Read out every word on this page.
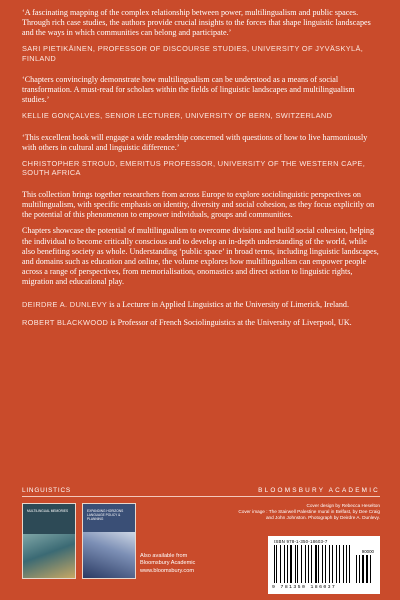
‘A fascinating mapping of the complex relationship between power, multilingualism and public spaces. Through rich case studies, the authors provide crucial insights to the forces that shape linguistic landscapes and the ways in which communities can belong and participate.’

SARI PIETIKÄINEN, PROFESSOR OF DISCOURSE STUDIES, UNIVERSITY OF JYVÄSKYLÄ, FINLAND

‘Chapters convincingly demonstrate how multilingualism can be understood as a means of social transformation. A must-read for scholars within the fields of linguistic landscapes and multilingualism studies.’

KELLIE GONÇALVES, SENIOR LECTURER, UNIVERSITY OF BERN, SWITZERLAND

‘This excellent book will engage a wide readership concerned with questions of how to live harmoniously with others in cultural and linguistic difference.’

CHRISTOPHER STROUD, EMERITUS PROFESSOR, UNIVERSITY OF THE WESTERN CAPE, SOUTH AFRICA

This collection brings together researchers from across Europe to explore sociolinguistic perspectives on multilingualism, with specific emphasis on identity, diversity and social cohesion, as they focus explicitly on the potential of this phenomenon to empower individuals, groups and communities.

Chapters showcase the potential of multilingualism to overcome divisions and build social cohesion, helping the individual to become critically conscious and to develop an in-depth understanding of the world, while also benefiting society as whole. Understanding ‘public space’ in broad terms, including linguistic landscapes, and domains such as education and online, the volume explores how multilingualism can empower people across a range of perspectives, from memorialisation, onomastics and direct action to linguistic rights, migration and educational play.

DEIRDRE A. DUNLEVY is a Lecturer in Applied Linguistics at the University of Limerick, Ireland.

ROBERT BLACKWOOD is Professor of French Sociolinguistics at the University of Liverpool, UK.

LINGUISTICS	BLOOMSBURY ACADEMIC
MULTILINGUAL MEMORIES	EXPANDING HORIZONS LANGUAGE POLICY & PLANNING
Also available from
Bloomsbury Academic
www.bloomsbury.com
Cover design by Rebecca Heselton
Cover image : The Stairwell Palestine mural in Belfast, by Dee Craig and John Johnston. Photograph by Deirdre A. Dunlevy.
ISBN 978-1-350-18603-7
90000
9 781350 186037
